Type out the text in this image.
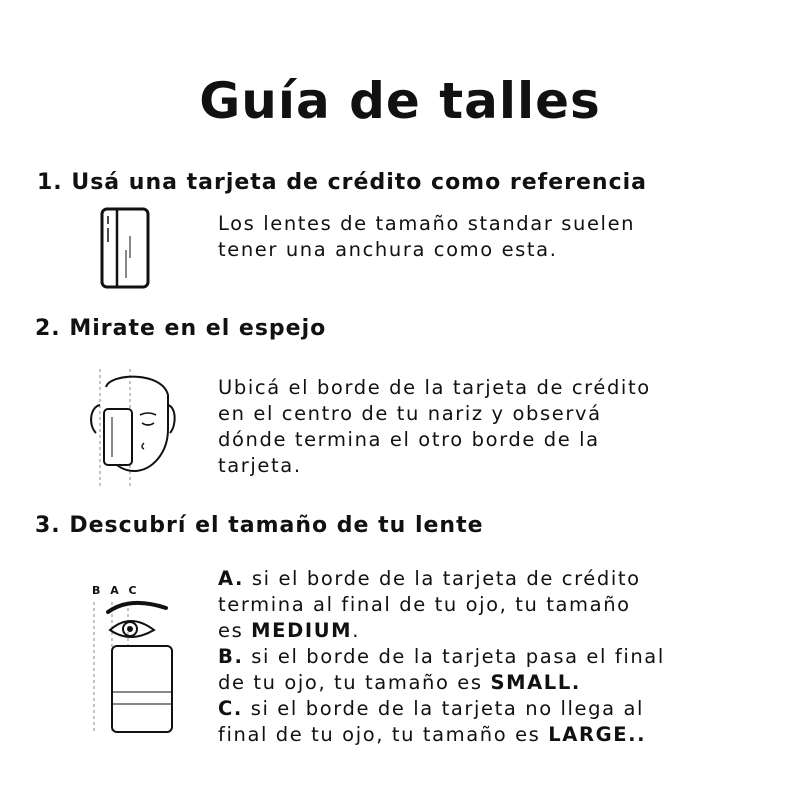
Guía de talles
1. Usá una tarjeta de crédito como referencia
Los lentes de tamaño standar suelen
tener una anchura como esta.
2. Mirate en el espejo
Ubicá el borde de la tarjeta de crédito
en el centro de tu nariz y observá
dónde termina el otro borde de la
tarjeta.
3. Descubrí el tamaño de tu lente
B A C
A. si el borde de la tarjeta de crédito
termina al final de tu ojo, tu tamaño
es MEDIUM.
B. si el borde de la tarjeta pasa el final
de tu ojo, tu tamaño es SMALL.
C. si el borde de la tarjeta no llega al
final de tu ojo, tu tamaño es LARGE..
